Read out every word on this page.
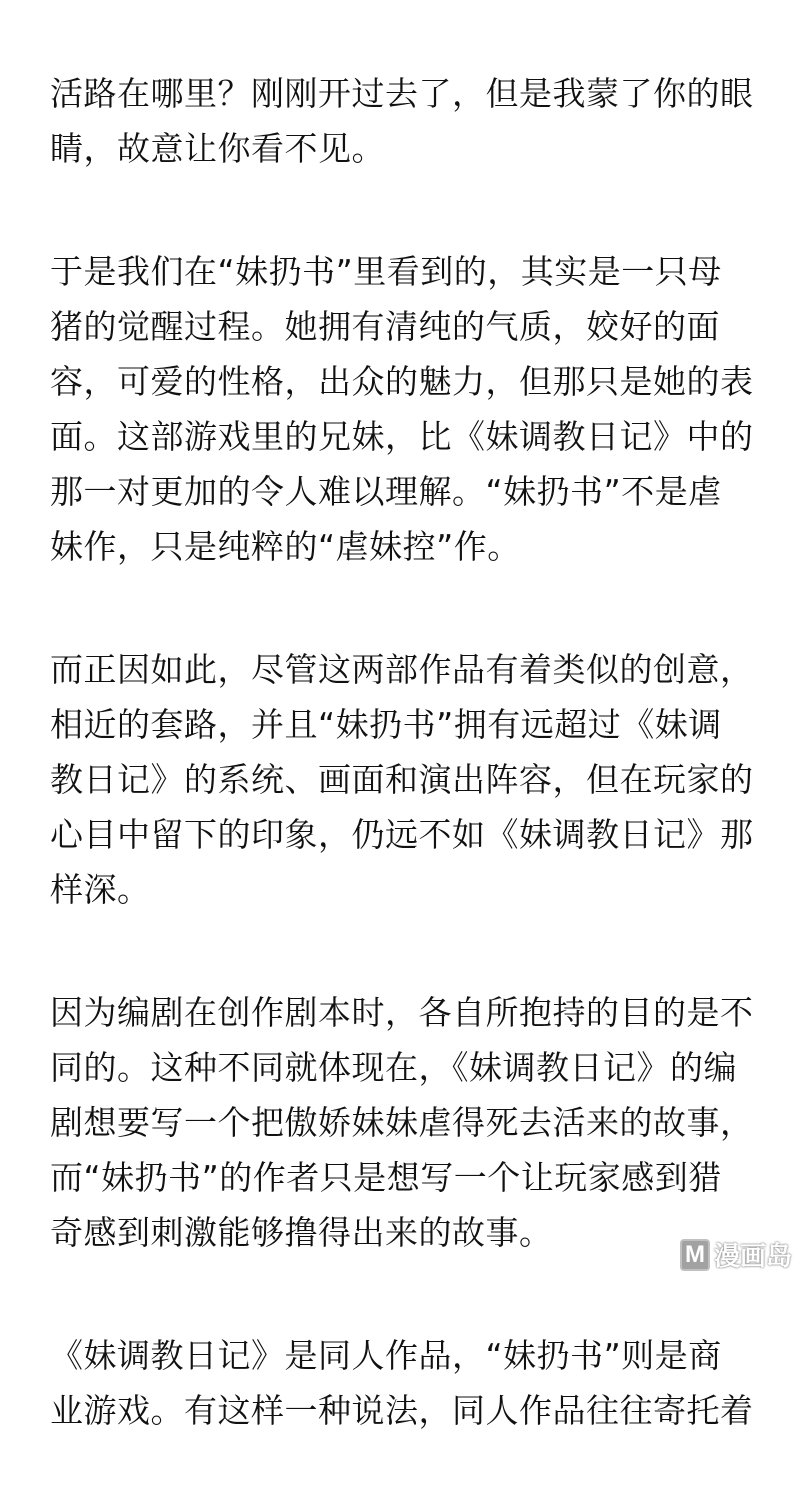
活路在哪里？刚刚开过去了，但是我蒙了你的眼
睛，故意让你看不见。
于是我们在“妹扔书”里看到的，其实是一只母
猪的觉醒过程。她拥有清纯的气质，姣好的面
容，可爱的性格，出众的魅力，但那只是她的表
面。这部游戏里的兄妹，比《妹调教日记》中的
那一对更加的令人难以理解。“妹扔书”不是虐
妹作，只是纯粹的“虐妹控”作。
而正因如此，尽管这两部作品有着类似的创意，
相近的套路，并且“妹扔书”拥有远超过《妹调
教日记》的系统、画面和演出阵容，但在玩家的
心目中留下的印象，仍远不如《妹调教日记》那
样深。
因为编剧在创作剧本时，各自所抱持的目的是不
同的。这种不同就体现在，《妹调教日记》的编
剧想要写一个把傲娇妹妹虐得死去活来的故事，
而“妹扔书”的作者只是想写一个让玩家感到猎
奇感到刺激能够撸得出来的故事。
《妹调教日记》是同人作品，“妹扔书”则是商
业游戏。有这样一种说法，同人作品往往寄托着
M 漫画岛
